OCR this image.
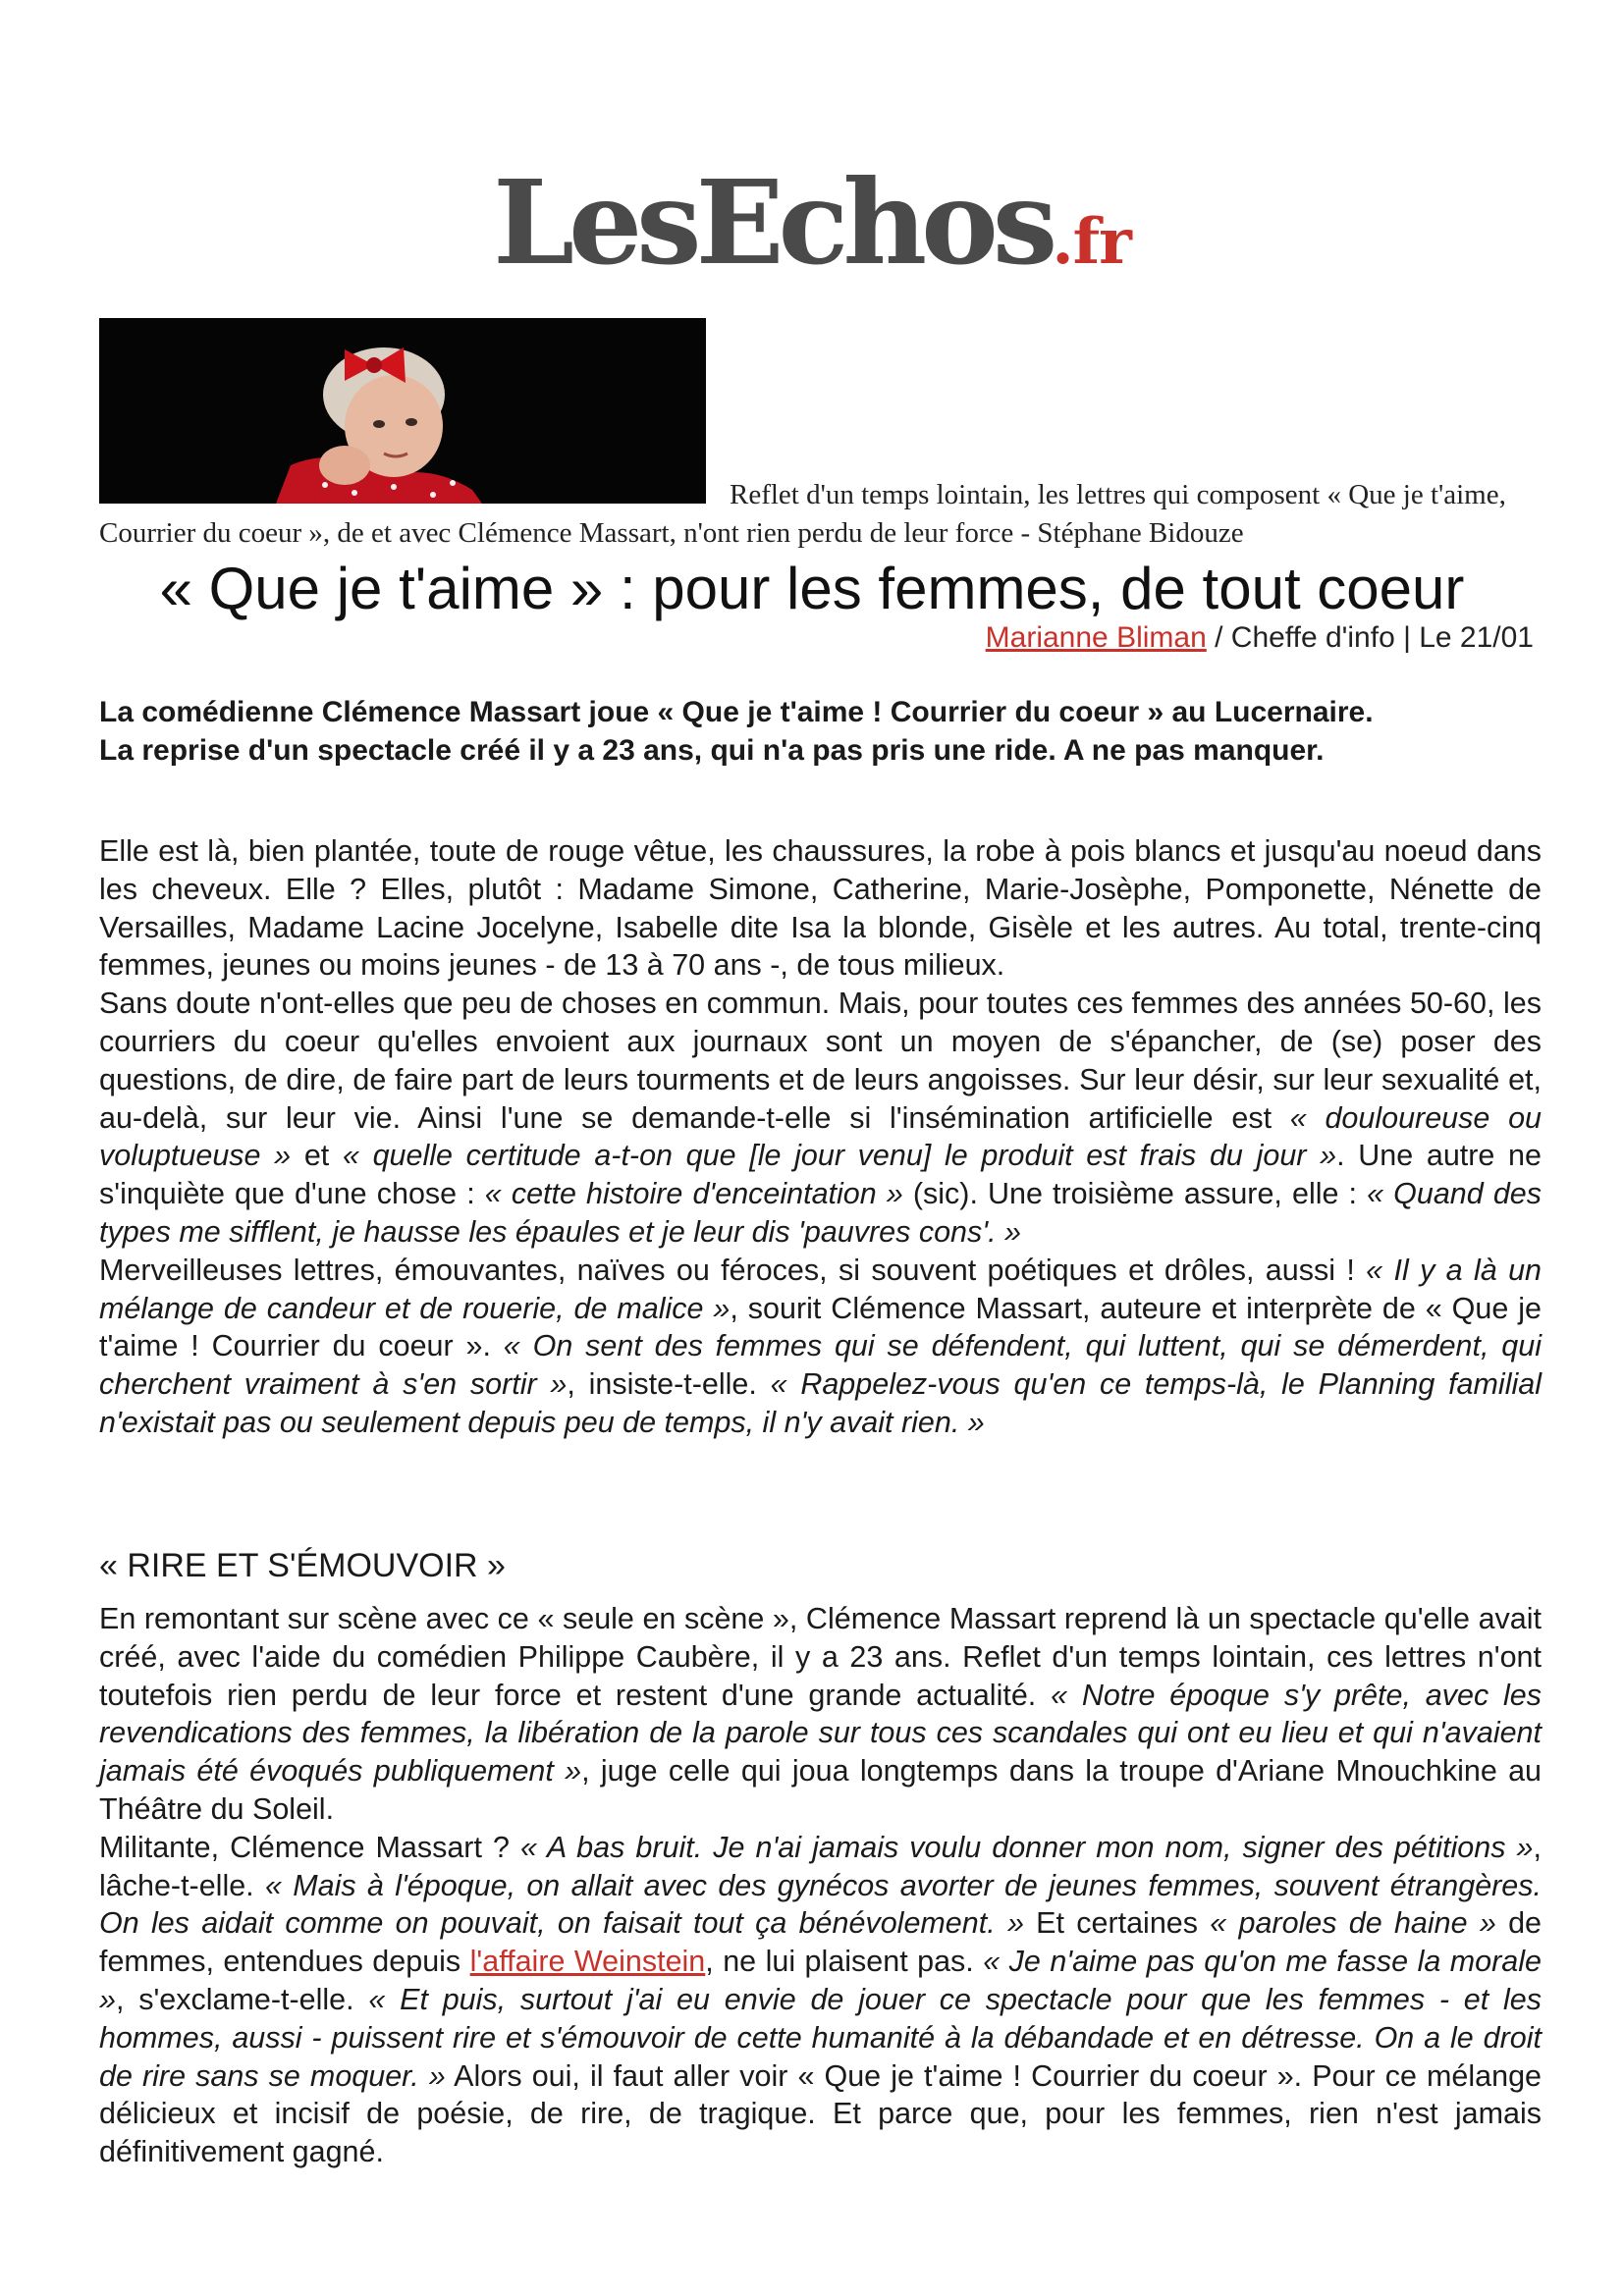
LesEchos.fr

Reflet d'un temps lointain, les lettres qui composent « Que je t'aime, Courrier du coeur », de et avec Clémence Massart, n'ont rien perdu de leur force - Stéphane Bidouze

« Que je t'aime » : pour les femmes, de tout coeur
Marianne Bliman / Cheffe d'info | Le 21/01

La comédienne Clémence Massart joue « Que je t'aime ! Courrier du coeur » au Lucernaire. La reprise d'un spectacle créé il y a 23 ans, qui n'a pas pris une ride. A ne pas manquer.

Elle est là, bien plantée, toute de rouge vêtue, les chaussures, la robe à pois blancs et jusqu'au noeud dans les cheveux. Elle ? Elles, plutôt : Madame Simone, Catherine, Marie-Josèphe, Pomponette, Nénette de Versailles, Madame Lacine Jocelyne, Isabelle dite Isa la blonde, Gisèle et les autres. Au total, trente-cinq femmes, jeunes ou moins jeunes - de 13 à 70 ans -, de tous milieux.

Sans doute n'ont-elles que peu de choses en commun. Mais, pour toutes ces femmes des années 50-60, les courriers du coeur qu'elles envoient aux journaux sont un moyen de s'épancher, de (se) poser des questions, de dire, de faire part de leurs tourments et de leurs angoisses. Sur leur désir, sur leur sexualité et, au-delà, sur leur vie. Ainsi l'une se demande-t-elle si l'insémination artificielle est « douloureuse ou voluptueuse » et « quelle certitude a-t-on que [le jour venu] le produit est frais du jour ». Une autre ne s'inquiète que d'une chose : « cette histoire d'enceintation » (sic). Une troisième assure, elle : « Quand des types me sifflent, je hausse les épaules et je leur dis 'pauvres cons'. »

Merveilleuses lettres, émouvantes, naïves ou féroces, si souvent poétiques et drôles, aussi ! « Il y a là un mélange de candeur et de rouerie, de malice », sourit Clémence Massart, auteure et interprète de « Que je t'aime ! Courrier du coeur ». « On sent des femmes qui se défendent, qui luttent, qui se démerdent, qui cherchent vraiment à s'en sortir », insiste-t-elle. « Rappelez-vous qu'en ce temps-là, le Planning familial n'existait pas ou seulement depuis peu de temps, il n'y avait rien. »

« RIRE ET S'ÉMOUVOIR »

En remontant sur scène avec ce « seule en scène », Clémence Massart reprend là un spectacle qu'elle avait créé, avec l'aide du comédien Philippe Caubère, il y a 23 ans. Reflet d'un temps lointain, ces lettres n'ont toutefois rien perdu de leur force et restent d'une grande actualité. « Notre époque s'y prête, avec les revendications des femmes, la libération de la parole sur tous ces scandales qui ont eu lieu et qui n'avaient jamais été évoqués publiquement », juge celle qui joua longtemps dans la troupe d'Ariane Mnouchkine au Théâtre du Soleil.

Militante, Clémence Massart ? « A bas bruit. Je n'ai jamais voulu donner mon nom, signer des pétitions », lâche-t-elle. « Mais à l'époque, on allait avec des gynécos avorter de jeunes femmes, souvent étrangères. On les aidait comme on pouvait, on faisait tout ça bénévolement. » Et certaines « paroles de haine » de femmes, entendues depuis l'affaire Weinstein, ne lui plaisent pas. « Je n'aime pas qu'on me fasse la morale », s'exclame-t-elle. « Et puis, surtout j'ai eu envie de jouer ce spectacle pour que les femmes - et les hommes, aussi - puissent rire et s'émouvoir de cette humanité à la débandade et en détresse. On a le droit de rire sans se moquer. » Alors oui, il faut aller voir « Que je t'aime ! Courrier du coeur ». Pour ce mélange délicieux et incisif de poésie, de rire, de tragique. Et parce que, pour les femmes, rien n'est jamais définitivement gagné.
